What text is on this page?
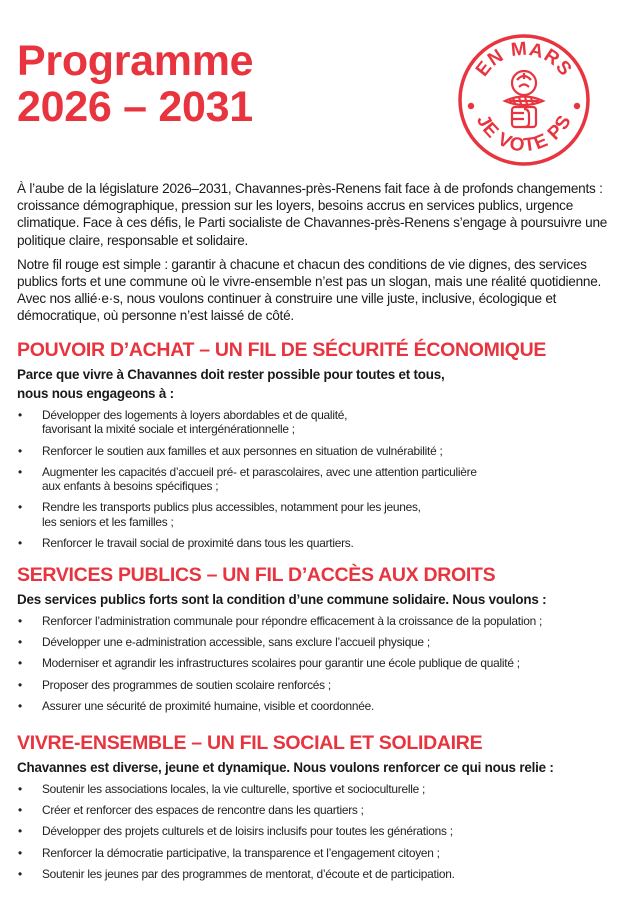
Programme
2026 – 2031
EN MARS
JE VOTE PS

À l’aube de la législature 2026–2031, Chavannes-près-Renens fait face à de profonds changements : croissance démographique, pression sur les loyers, besoins accrus en services publics, urgence climatique. Face à ces défis, le Parti socialiste de Chavannes-près-Renens s’engage à poursuivre une politique claire, responsable et solidaire.

Notre fil rouge est simple : garantir à chacune et chacun des conditions de vie dignes, des services publics forts et une commune où le vivre-ensemble n’est pas un slogan, mais une réalité quotidienne. Avec nos allié·e·s, nous voulons continuer à construire une ville juste, inclusive, écologique et démocratique, où personne n’est laissé de côté.

POUVOIR D’ACHAT – UN FIL DE SÉCURITÉ ÉCONOMIQUE
Parce que vivre à Chavannes doit rester possible pour toutes et tous,
nous nous engageons à :
• Développer des logements à loyers abordables et de qualité,
favorisant la mixité sociale et intergénérationnelle ;
• Renforcer le soutien aux familles et aux personnes en situation de vulnérabilité ;
• Augmenter les capacités d’accueil pré- et parascolaires, avec une attention particulière
aux enfants à besoins spécifiques ;
• Rendre les transports publics plus accessibles, notamment pour les jeunes,
les seniors et les familles ;
• Renforcer le travail social de proximité dans tous les quartiers.
SERVICES PUBLICS – UN FIL D’ACCÈS AUX DROITS
Des services publics forts sont la condition d’une commune solidaire. Nous voulons :
• Renforcer l’administration communale pour répondre efficacement à la croissance de la population ;
• Développer une e-administration accessible, sans exclure l’accueil physique ;
• Moderniser et agrandir les infrastructures scolaires pour garantir une école publique de qualité ;
• Proposer des programmes de soutien scolaire renforcés ;
• Assurer une sécurité de proximité humaine, visible et coordonnée.
VIVRE-ENSEMBLE – UN FIL SOCIAL ET SOLIDAIRE
Chavannes est diverse, jeune et dynamique. Nous voulons renforcer ce qui nous relie :
• Soutenir les associations locales, la vie culturelle, sportive et socioculturelle ;
• Créer et renforcer des espaces de rencontre dans les quartiers ;
• Développer des projets culturels et de loisirs inclusifs pour toutes les générations ;
• Renforcer la démocratie participative, la transparence et l’engagement citoyen ;
• Soutenir les jeunes par des programmes de mentorat, d’écoute et de participation.
